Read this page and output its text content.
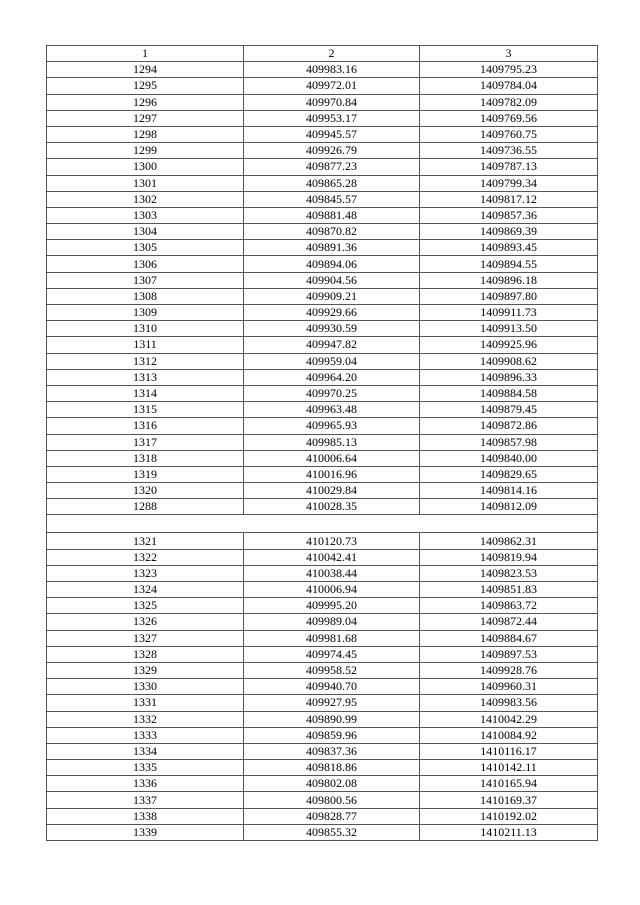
1	2	3
1294	409983.16	1409795.23
1295	409972.01	1409784.04
1296	409970.84	1409782.09
1297	409953.17	1409769.56
1298	409945.57	1409760.75
1299	409926.79	1409736.55
1300	409877.23	1409787.13
1301	409865.28	1409799.34
1302	409845.57	1409817.12
1303	409881.48	1409857.36
1304	409870.82	1409869.39
1305	409891.36	1409893.45
1306	409894.06	1409894.55
1307	409904.56	1409896.18
1308	409909.21	1409897.80
1309	409929.66	1409911.73
1310	409930.59	1409913.50
1311	409947.82	1409925.96
1312	409959.04	1409908.62
1313	409964.20	1409896.33
1314	409970.25	1409884.58
1315	409963.48	1409879.45
1316	409965.93	1409872.86
1317	409985.13	1409857.98
1318	410006.64	1409840.00
1319	410016.96	1409829.65
1320	410029.84	1409814.16
1288	410028.35	1409812.09

1321	410120.73	1409862.31
1322	410042.41	1409819.94
1323	410038.44	1409823.53
1324	410006.94	1409851.83
1325	409995.20	1409863.72
1326	409989.04	1409872.44
1327	409981.68	1409884.67
1328	409974.45	1409897.53
1329	409958.52	1409928.76
1330	409940.70	1409960.31
1331	409927.95	1409983.56
1332	409890.99	1410042.29
1333	409859.96	1410084.92
1334	409837.36	1410116.17
1335	409818.86	1410142.11
1336	409802.08	1410165.94
1337	409800.56	1410169.37
1338	409828.77	1410192.02
1339	409855.32	1410211.13
